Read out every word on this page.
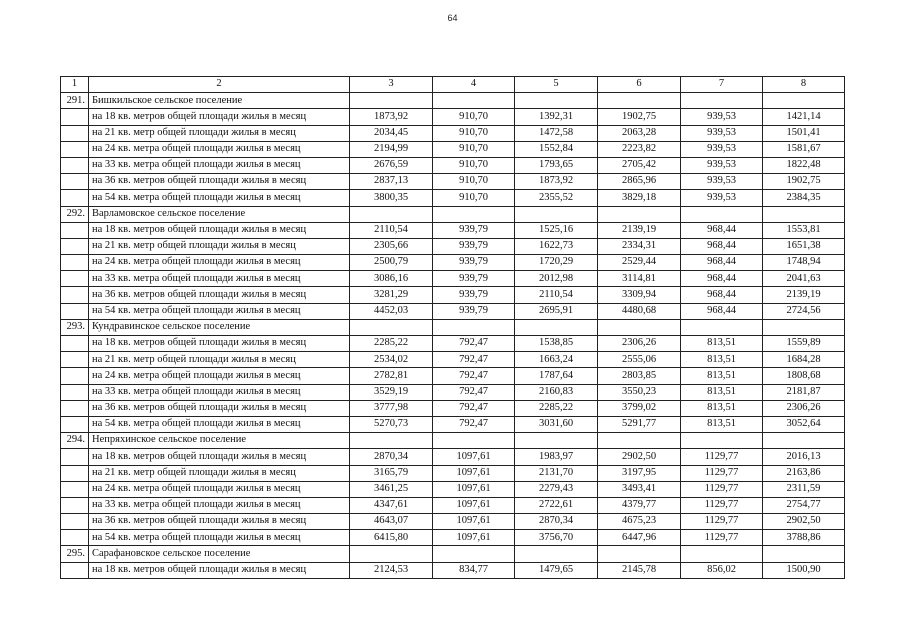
64
1	2	3	4	5	6	7	8
291.	Бишкильское сельское поселение						
	на 18 кв. метров общей площади жилья в месяц	1873,92	910,70	1392,31	1902,75	939,53	1421,14
	на 21 кв. метр общей площади жилья в месяц	2034,45	910,70	1472,58	2063,28	939,53	1501,41
	на 24 кв. метра общей площади жилья в месяц	2194,99	910,70	1552,84	2223,82	939,53	1581,67
	на 33 кв. метра общей площади жилья в месяц	2676,59	910,70	1793,65	2705,42	939,53	1822,48
	на 36 кв. метров общей площади жилья в месяц	2837,13	910,70	1873,92	2865,96	939,53	1902,75
	на 54 кв. метра общей площади жилья в месяц	3800,35	910,70	2355,52	3829,18	939,53	2384,35
292.	Варламовское сельское поселение						
	на 18 кв. метров общей площади жилья в месяц	2110,54	939,79	1525,16	2139,19	968,44	1553,81
	на 21 кв. метр общей площади жилья в месяц	2305,66	939,79	1622,73	2334,31	968,44	1651,38
	на 24 кв. метра общей площади жилья в месяц	2500,79	939,79	1720,29	2529,44	968,44	1748,94
	на 33 кв. метра общей площади жилья в месяц	3086,16	939,79	2012,98	3114,81	968,44	2041,63
	на 36 кв. метров общей площади жилья в месяц	3281,29	939,79	2110,54	3309,94	968,44	2139,19
	на 54 кв. метра общей площади жилья в месяц	4452,03	939,79	2695,91	4480,68	968,44	2724,56
293.	Кундравинское сельское поселение						
	на 18 кв. метров общей площади жилья в месяц	2285,22	792,47	1538,85	2306,26	813,51	1559,89
	на 21 кв. метр общей площади жилья в месяц	2534,02	792,47	1663,24	2555,06	813,51	1684,28
	на 24 кв. метра общей площади жилья в месяц	2782,81	792,47	1787,64	2803,85	813,51	1808,68
	на 33 кв. метра общей площади жилья в месяц	3529,19	792,47	2160,83	3550,23	813,51	2181,87
	на 36 кв. метров общей площади жилья в месяц	3777,98	792,47	2285,22	3799,02	813,51	2306,26
	на 54 кв. метра общей площади жилья в месяц	5270,73	792,47	3031,60	5291,77	813,51	3052,64
294.	Непряхинское сельское поселение						
	на 18 кв. метров общей площади жилья в месяц	2870,34	1097,61	1983,97	2902,50	1129,77	2016,13
	на 21 кв. метр общей площади жилья в месяц	3165,79	1097,61	2131,70	3197,95	1129,77	2163,86
	на 24 кв. метра общей площади жилья в месяц	3461,25	1097,61	2279,43	3493,41	1129,77	2311,59
	на 33 кв. метра общей площади жилья в месяц	4347,61	1097,61	2722,61	4379,77	1129,77	2754,77
	на 36 кв. метров общей площади жилья в месяц	4643,07	1097,61	2870,34	4675,23	1129,77	2902,50
	на 54 кв. метра общей площади жилья в месяц	6415,80	1097,61	3756,70	6447,96	1129,77	3788,86
295.	Сарафановское сельское поселение						
	на 18 кв. метров общей площади жилья в месяц	2124,53	834,77	1479,65	2145,78	856,02	1500,90
